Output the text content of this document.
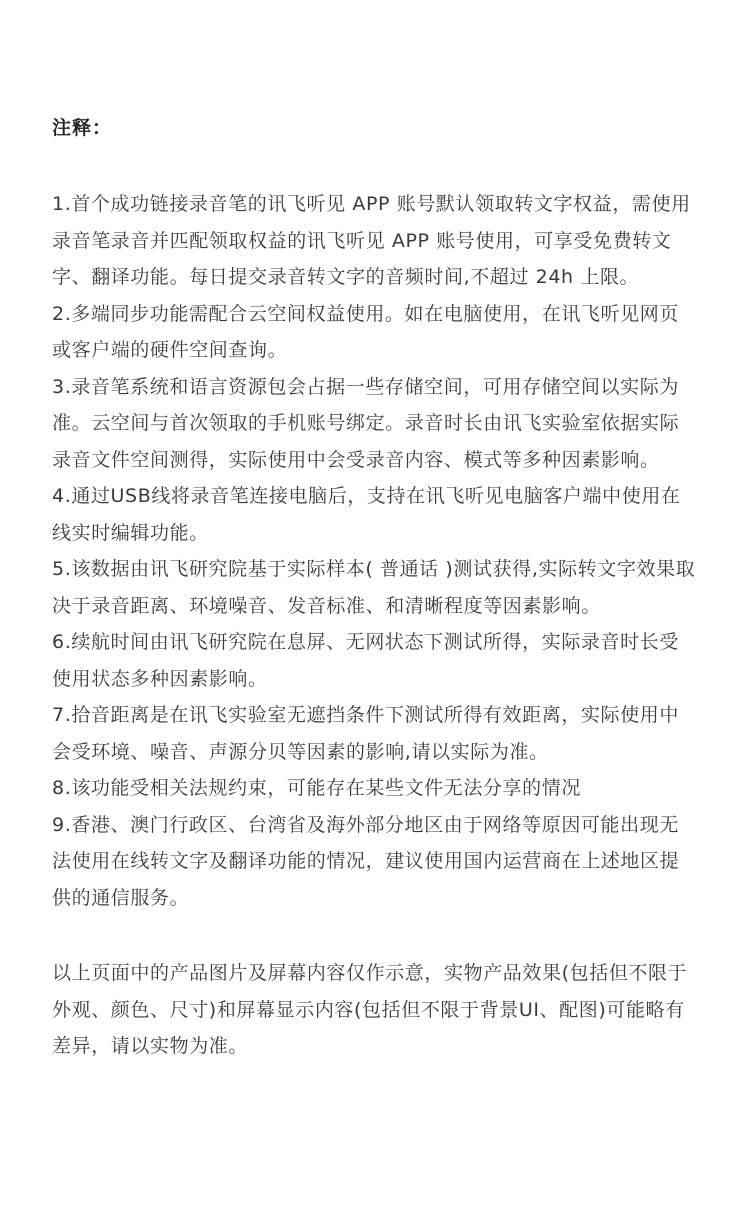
注释：

1.首个成功链接录音笔的讯飞听见 APP 账号默认领取转文字权益，需使用录音笔录音并匹配领取权益的讯飞听见 APP 账号使用，可享受免费转文字、翻译功能。每日提交录音转文字的音频时间,不超过 24h 上限。

2.多端同步功能需配合云空间权益使用。如在电脑使用，在讯飞听见网页或客户端的硬件空间查询。

3.录音笔系统和语言资源包会占据一些存储空间，可用存储空间以实际为准。云空间与首次领取的手机账号绑定。录音时长由讯飞实验室依据实际录音文件空间测得，实际使用中会受录音内容、模式等多种因素影响。

4.通过USB线将录音笔连接电脑后，支持在讯飞听见电脑客户端中使用在线实时编辑功能。

5.该数据由讯飞研究院基于实际样本( 普通话 )测试获得,实际转文字效果取决于录音距离、环境噪音、发音标准、和清晰程度等因素影响。

6.续航时间由讯飞研究院在息屏、无网状态下测试所得，实际录音时长受使用状态多种因素影响。

7.拾音距离是在讯飞实验室无遮挡条件下测试所得有效距离，实际使用中会受环境、噪音、声源分贝等因素的影响,请以实际为准。

8.该功能受相关法规约束，可能存在某些文件无法分享的情况

9.香港、澳门行政区、台湾省及海外部分地区由于网络等原因可能出现无法使用在线转文字及翻译功能的情况，建议使用国内运营商在上述地区提供的通信服务。

以上页面中的产品图片及屏幕内容仅作示意，实物产品效果(包括但不限于外观、颜色、尺寸)和屏幕显示内容(包括但不限于背景UI、配图)可能略有差异，请以实物为准。
